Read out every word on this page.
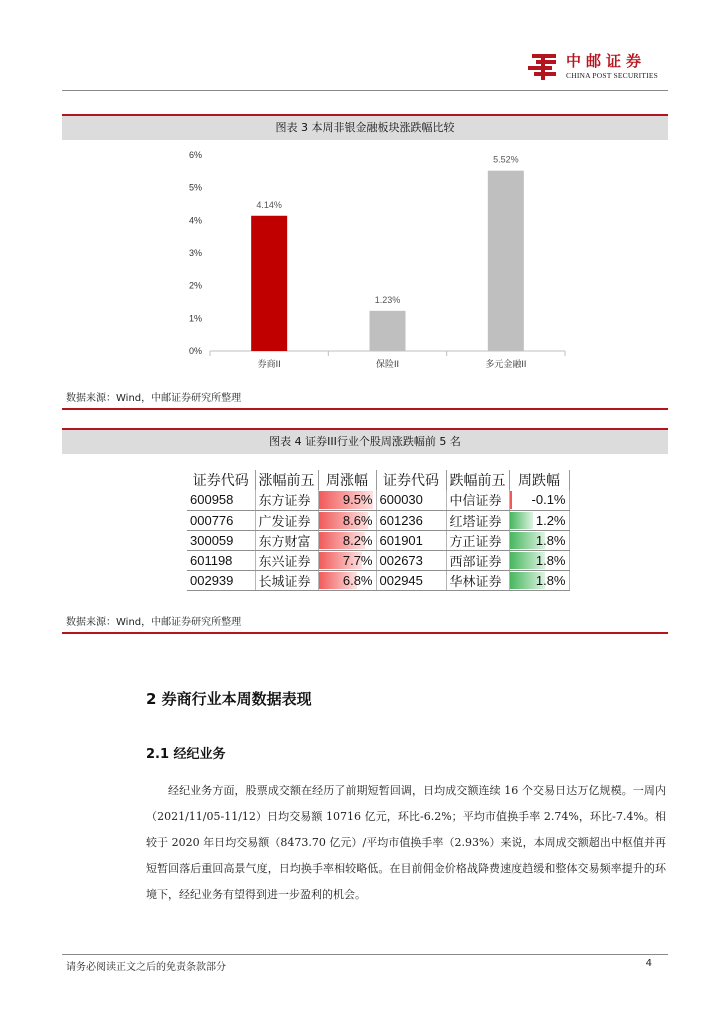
中邮证券
CHINA POST SECURITIES
图表 3 本周非银金融板块涨跌幅比较
0%
1%
2%
3%
4%
5%
6%
4.14%
1.23%
5.52%
券商II	保险II	多元金融II
数据来源：Wind，中邮证券研究所整理
图表 4 证券III行业个股周涨跌幅前 5 名
证券代码	涨幅前五	周涨幅	证券代码	跌幅前五	周跌幅
600958	东方证券	9.5%	600030	中信证券	-0.1%
000776	广发证券	8.6%	601236	红塔证券	1.2%
300059	东方财富	8.2%	601901	方正证券	1.8%
601198	东兴证券	7.7%	002673	西部证券	1.8%
002939	长城证券	6.8%	002945	华林证券	1.8%
数据来源：Wind，中邮证券研究所整理
2 券商行业本周数据表现
2.1 经纪业务
经纪业务方面，股票成交额在经历了前期短暂回调，日均成交额连续 16 个交易日达万亿规模。一周内（2021/11/05-11/12）日均交易额 10716 亿元，环比-6.2%；平均市值换手率 2.74%，环比-7.4%。相较于 2020 年日均交易额（8473.70 亿元）/平均市值换手率（2.93%）来说，本周成交额超出中枢值并再短暂回落后重回高景气度，日均换手率相较略低。在目前佣金价格战降费速度趋缓和整体交易频率提升的环境下，经纪业务有望得到进一步盈利的机会。
请务必阅读正文之后的免责条款部分	4
